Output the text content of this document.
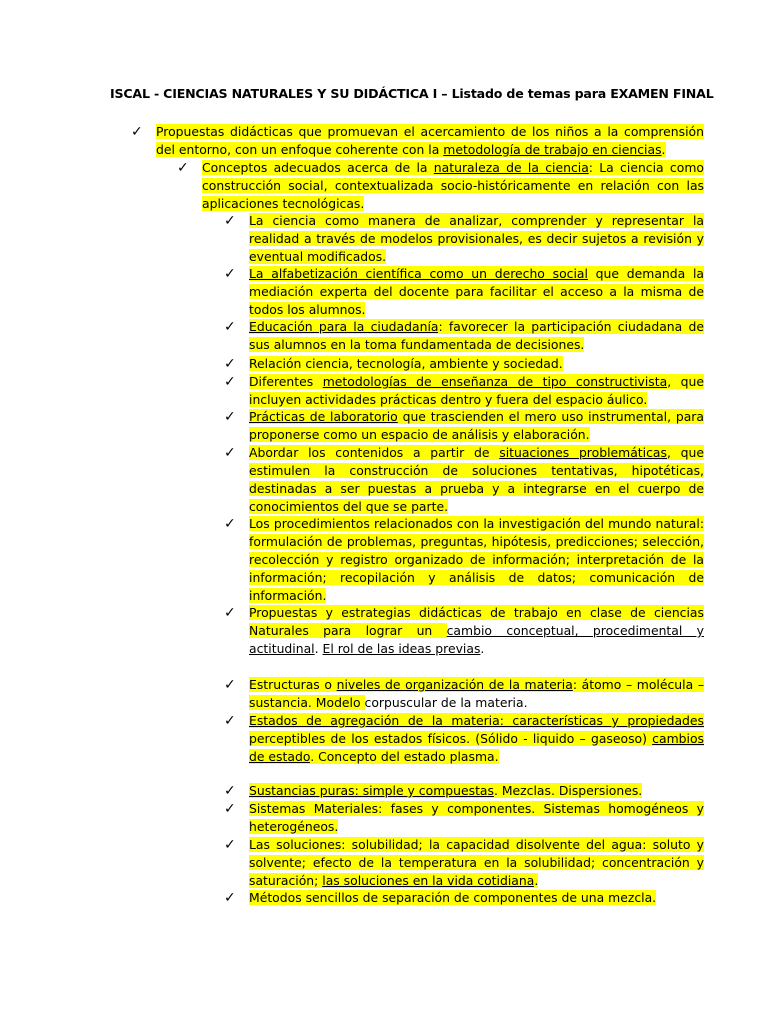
ISCAL - CIENCIAS NATURALES Y SU DIDÁCTICA I – Listado de temas para EXAMEN FINAL
✓ Propuestas didácticas que promuevan el acercamiento de los niños a la comprensión del entorno, con un enfoque coherente con la metodología de trabajo en ciencias.
✓ Conceptos adecuados acerca de la naturaleza de la ciencia: La ciencia como construcción social, contextualizada socio-históricamente en relación con las aplicaciones tecnológicas.
✓ La ciencia como manera de analizar, comprender y representar la realidad a través de modelos provisionales, es decir sujetos a revisión y eventual modificados.
✓ La alfabetización científica como un derecho social que demanda la mediación experta del docente para facilitar el acceso a la misma de todos los alumnos.
✓ Educación para la ciudadanía: favorecer la participación ciudadana de sus alumnos en la toma fundamentada de decisiones.
✓ Relación ciencia, tecnología, ambiente y sociedad.
✓ Diferentes metodologías de enseñanza de tipo constructivista, que incluyen actividades prácticas dentro y fuera del espacio áulico.
✓ Prácticas de laboratorio que trascienden el mero uso instrumental, para proponerse como un espacio de análisis y elaboración.
✓ Abordar los contenidos a partir de situaciones problemáticas, que estimulen la construcción de soluciones tentativas, hipotéticas, destinadas a ser puestas a prueba y a integrarse en el cuerpo de conocimientos del que se parte.
✓ Los procedimientos relacionados con la investigación del mundo natural: formulación de problemas, preguntas, hipótesis, predicciones; selección, recolección y registro organizado de información; interpretación de la información; recopilación y análisis de datos; comunicación de información.
✓ Propuestas y estrategias didácticas de trabajo en clase de ciencias Naturales para lograr un cambio conceptual, procedimental y actitudinal. El rol de las ideas previas.
✓ Estructuras o niveles de organización de la materia: átomo – molécula – sustancia. Modelo corpuscular de la materia.
✓ Estados de agregación de la materia: características y propiedades perceptibles de los estados físicos. (Sólido - liquido – gaseoso) cambios de estado. Concepto del estado plasma.
✓ Sustancias puras: simple y compuestas. Mezclas. Dispersiones.
✓ Sistemas Materiales: fases y componentes. Sistemas homogéneos y heterogéneos.
✓ Las soluciones: solubilidad; la capacidad disolvente del agua: soluto y solvente; efecto de la temperatura en la solubilidad; concentración y saturación; las soluciones en la vida cotidiana.
✓ Métodos sencillos de separación de componentes de una mezcla.
